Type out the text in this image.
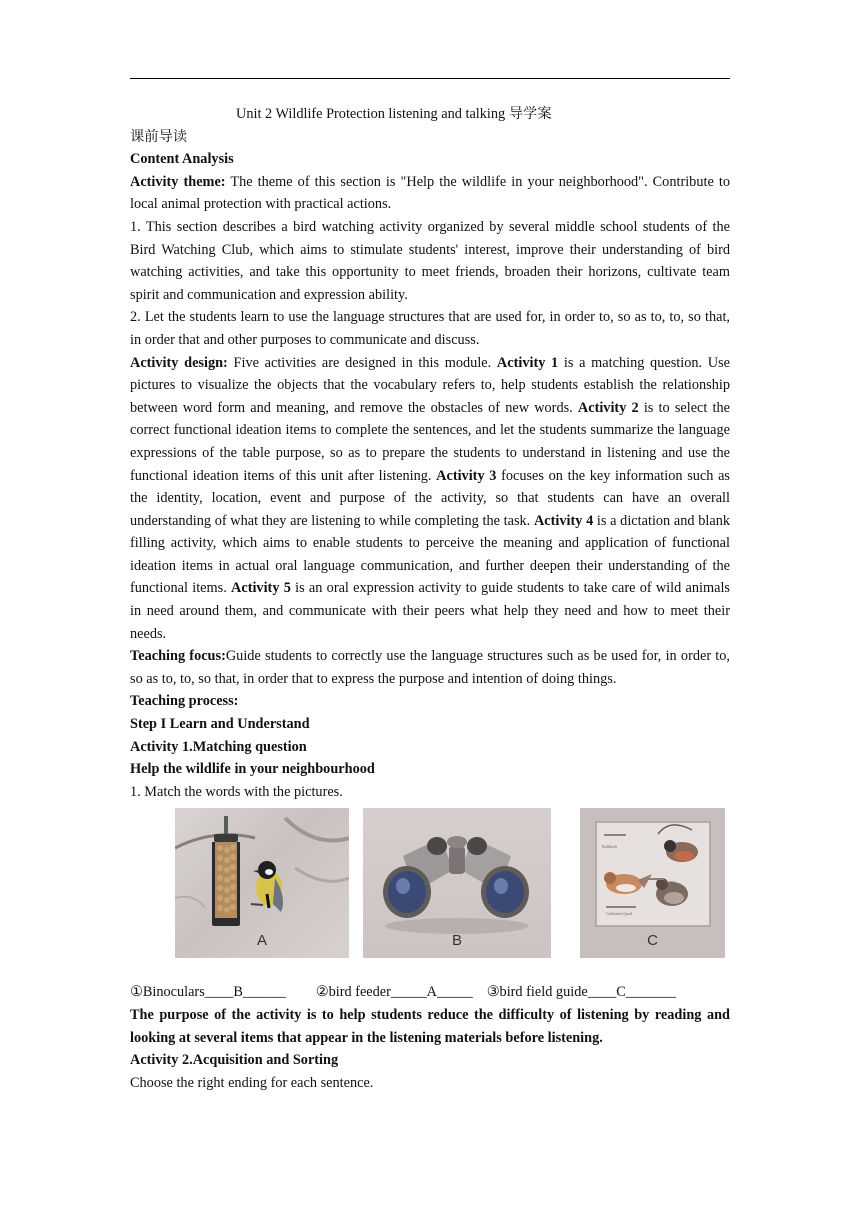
Unit 2 Wildlife Protection listening and talking 导学案

课前导读

Content Analysis

Activity theme: The theme of this section is "Help the wildlife in your neighborhood". Contribute to local animal protection with practical actions.

1. This section describes a bird watching activity organized by several middle school students of the Bird Watching Club, which aims to stimulate students' interest, improve their understanding of bird watching activities, and take this opportunity to meet friends, broaden their horizons, cultivate team spirit and communication and expression ability.

2. Let the students learn to use the language structures that are used for, in order to, so as to, to, so that, in order that and other purposes to communicate and discuss.

Activity design: Five activities are designed in this module. Activity 1 is a matching question. Use pictures to visualize the objects that the vocabulary refers to, help students establish the relationship between word form and meaning, and remove the obstacles of new words. Activity 2 is to select the correct functional ideation items to complete the sentences, and let the students summarize the language expressions of the table purpose, so as to prepare the students to understand in listening and use the functional ideation items of this unit after listening. Activity 3 focuses on the key information such as the identity, location, event and purpose of the activity, so that students can have an overall understanding of what they are listening to while completing the task. Activity 4 is a dictation and blank filling activity, which aims to enable students to perceive the meaning and application of functional ideation items in actual oral language communication, and further deepen their understanding of the functional items. Activity 5 is an oral expression activity to guide students to take care of wild animals in need around them, and communicate with their peers what help they need and how to meet their needs.

Teaching focus:Guide students to correctly use the language structures such as be used for, in order to, so as to, to, so that, in order that to express the purpose and intention of doing things.

Teaching process:

Step I Learn and Understand

Activity 1.Matching question

Help the wildlife in your neighbourhood

1. Match the words with the pictures.

A	B
Bullfinch
Canary
California Quail
C

①Binoculars____B______ ②bird feeder_____A_____ ③bird field guide____C_______

The purpose of the activity is to help students reduce the difficulty of listening by reading and looking at several items that appear in the listening materials before listening.

Activity 2.Acquisition and Sorting

Choose the right ending for each sentence.
